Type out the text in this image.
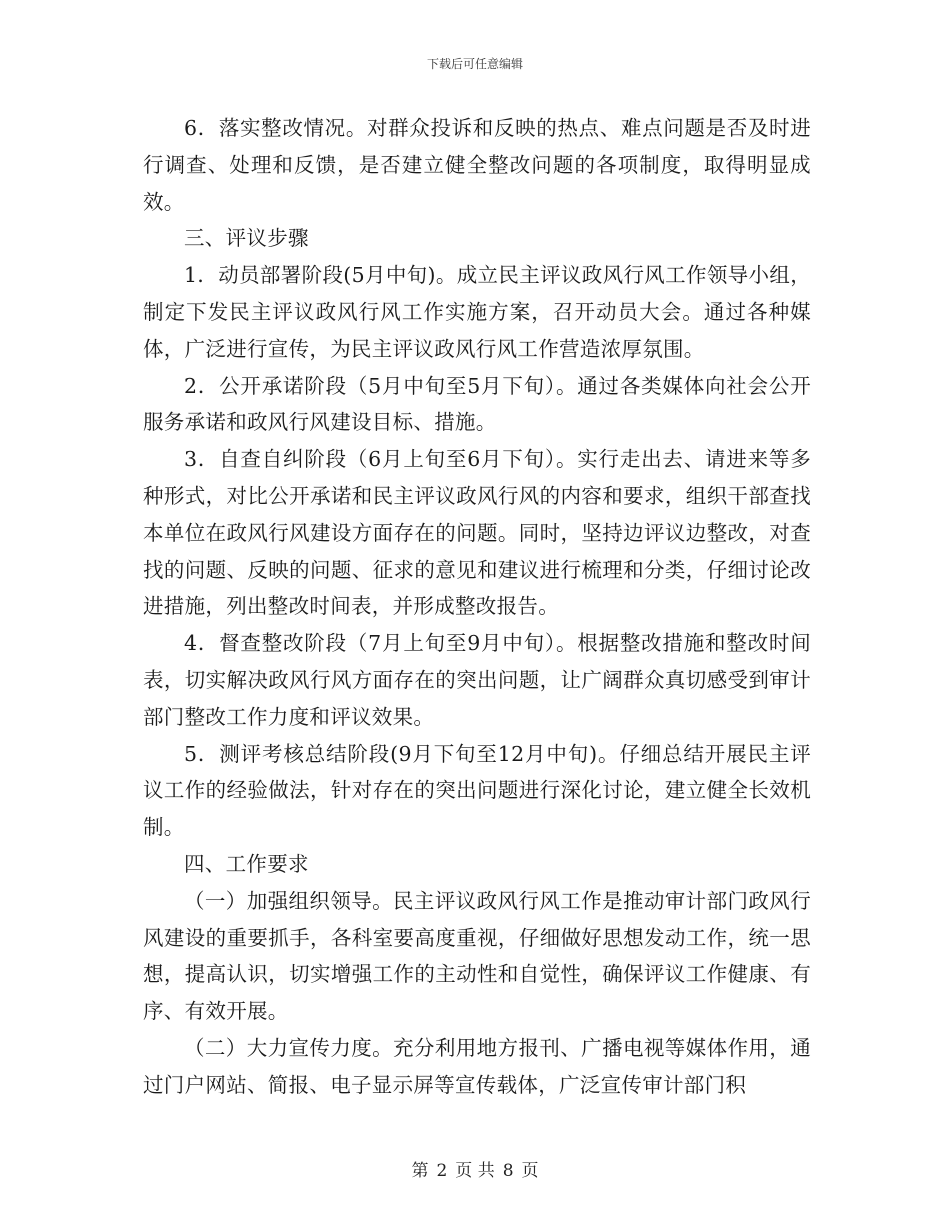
下载后可任意编辑

6．落实整改情况。对群众投诉和反映的热点、难点问题是否及时进行调查、处理和反馈，是否建立健全整改问题的各项制度，取得明显成效。

三、评议步骤

1．动员部署阶段(5月中旬)。成立民主评议政风行风工作领导小组，制定下发民主评议政风行风工作实施方案，召开动员大会。通过各种媒体，广泛进行宣传，为民主评议政风行风工作营造浓厚氛围。

2．公开承诺阶段（5月中旬至5月下旬）。通过各类媒体向社会公开服务承诺和政风行风建设目标、措施。

3．自查自纠阶段（6月上旬至6月下旬）。实行走出去、请进来等多种形式，对比公开承诺和民主评议政风行风的内容和要求，组织干部查找本单位在政风行风建设方面存在的问题。同时，坚持边评议边整改，对查找的问题、反映的问题、征求的意见和建议进行梳理和分类，仔细讨论改进措施，列出整改时间表，并形成整改报告。

4．督查整改阶段（7月上旬至9月中旬）。根据整改措施和整改时间表，切实解决政风行风方面存在的突出问题，让广阔群众真切感受到审计部门整改工作力度和评议效果。

5．测评考核总结阶段(9月下旬至12月中旬)。仔细总结开展民主评议工作的经验做法，针对存在的突出问题进行深化讨论，建立健全长效机制。

四、工作要求

（一）加强组织领导。民主评议政风行风工作是推动审计部门政风行风建设的重要抓手，各科室要高度重视，仔细做好思想发动工作，统一思想，提高认识，切实增强工作的主动性和自觉性，确保评议工作健康、有序、有效开展。

（二）大力宣传力度。充分利用地方报刊、广播电视等媒体作用，通过门户网站、简报、电子显示屏等宣传载体，广泛宣传审计部门积

第 2 页 共 8 页
